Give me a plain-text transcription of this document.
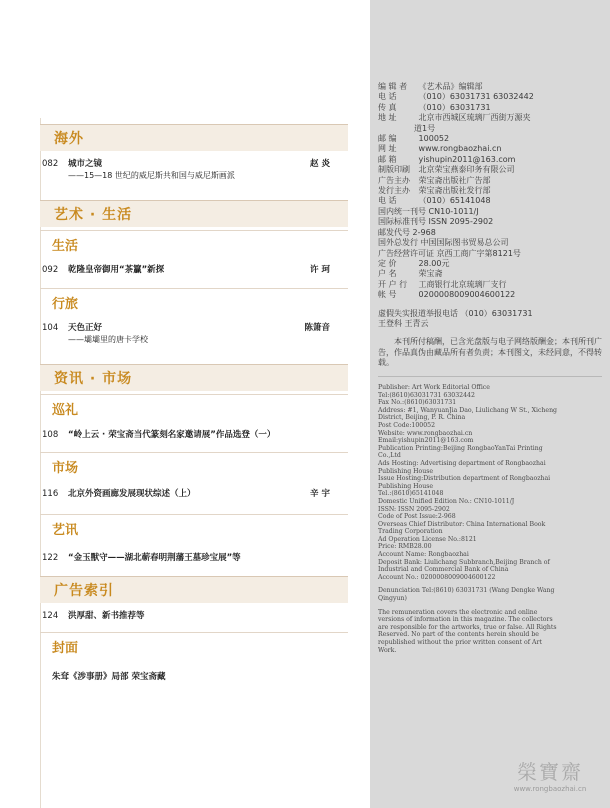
海外
082 城市之镜	赵 炎
——15—18 世纪的威尼斯共和国与威尼斯画派
艺术 · 生活
生活
092 乾隆皇帝御用“茶籯”新探	许 珂
行旅
104 天色正好	陈箫音
——壩壩里的唐卡学校
资讯 · 市场
巡礼
108 “岭上云 · 荣宝斋当代篆刻名家邀请展”作品选登（一）
市场
116 北京外资画廊发展现状综述（上）	辛 宇
艺讯
122 “金玉獸守——湖北蕲春明荆藩王墓珍宝展”等
广告索引
124 洪厚甜、新书推荐等
封面
朱耷《涉事册》局部 荣宝斋藏
编 辑 者 《艺术品》编辑部
电 话	（010）63031731 63032442
传 真	（010）63031731
地 址	北京市西城区琉璃厂西街万源夹
道1号
邮 编	100052
网 址	www.rongbaozhai.cn
邮 箱	yishupin2011@163.com
制版印刷 北京荣宝燕泰印务有限公司
广告主办 荣宝斋出版社广告部
发行主办 荣宝斋出版社发行部
电 话	（010）65141048
国内统一刊号 CN10-1011/J
国际标准刊号 ISSN 2095-2902
邮发代号 2-968
国外总发行 中国国际图书贸易总公司
广告经营许可证 京西工商广字第8121号
定 价	28.00元
户 名	荣宝斋
开 户 行 工商银行北京琉璃厂支行
帐 号	0200008009004600122
虚假失实报道举报电话 （010）63031731
王登科 王青云
本刊所付稿酬，已含光盘版与电子网络版酬金；本刊所刊广告，作品真伪由藏品所有者负责；本刊图文，未经同意，不得转载。
Publisher: Art Work Editorial Office
Tel:(8610)63031731 63032442
Fax No.:(8610)63031731
Address: #1, WanyuanJia Dao, Liulichang W St., Xicheng District, Beijing, P. R. China
Post Code:100052
Website: www.rongbaozhai.cn
Email:yishupin2011@163.com
Publication Printing:Beijing RongbaoYanTai Printing Co.,Ltd
Ads Hosting: Advertising department of Rongbaozhai Publishing House
Issue Hosting:Distribution department of Rongbaozhai Publishing House
Tel.:(8610)65141048
Domestic Unified Edition No.: CN10-1011/J
ISSN: ISSN 2095-2902
Code of Post Issue:2-968
Overseas Chief Distributor: China International Book Trading Corporation
Ad Operation License No.:8121
Price: RMB28.00
Account Name: Rongbaozhai
Deposit Bank: Liulichang Subbranch,Beijing Branch of Industrial and Commercial Bank of China
Account No.: 0200008009004600122
Denunciation Tel:(8610) 63031731 (Wang Dengke Wang Qingyun)
The remuneration covers the electronic and online versions of information in this magazine. The collectors are responsible for the artworks, true or false. All Rights Reserved. No part of the contents herein should be republished without the prior written consent of Art Work.
榮寶齋
www.rongbaozhai.cn
